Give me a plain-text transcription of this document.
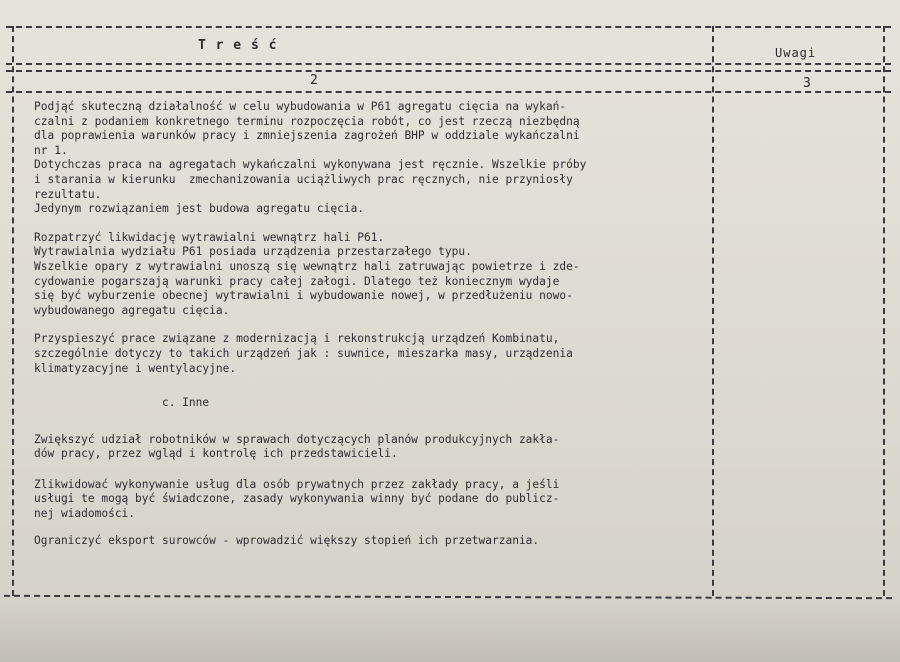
T r e ś ć	Uwagi
2	3

Podjąć skuteczną działalność w celu wybudowania w P61 agregatu cięcia na wykań-

czalni z podaniem konkretnego terminu rozpoczęcia robót, co jest rzeczą niezbędną

dla poprawienia warunków pracy i zmniejszenia zagrożeń BHP w oddziale wykańczalni

nr 1.

Dotychczas praca na agregatach wykańczalni wykonywana jest ręcznie. Wszelkie próby

i starania w kierunku  zmechanizowania uciążliwych prac ręcznych, nie przyniosły

rezultatu.

Jedynym rozwiązaniem jest budowa agregatu cięcia.

Rozpatrzyć likwidację wytrawialni wewnątrz hali P61.

Wytrawialnia wydziału P61 posiada urządzenia przestarzałego typu.

Wszelkie opary z wytrawialni unoszą się wewnątrz hali zatruwając powietrze i zde-

cydowanie pogarszają warunki pracy całej załogi. Dlatego też koniecznym wydaje

się być wyburzenie obecnej wytrawialni i wybudowanie nowej, w przedłużeniu nowo-

wybudowanego agregatu cięcia.

Przyspieszyć prace związane z modernizacją i rekonstrukcją urządzeń Kombinatu,

szczególnie dotyczy to takich urządzeń jak : suwnice, mieszarka masy, urządzenia

klimatyzacyjne i wentylacyjne.

c. Inne

Zwiększyć udział robotników w sprawach dotyczących planów produkcyjnych zakła-

dów pracy, przez wgląd i kontrolę ich przedstawicieli.

Zlikwidować wykonywanie usług dla osób prywatnych przez zakłady pracy, a jeśli

usługi te mogą być świadczone, zasady wykonywania winny być podane do publicz-

nej wiadomości.

Ograniczyć eksport surowców - wprowadzić większy stopień ich przetwarzania.
